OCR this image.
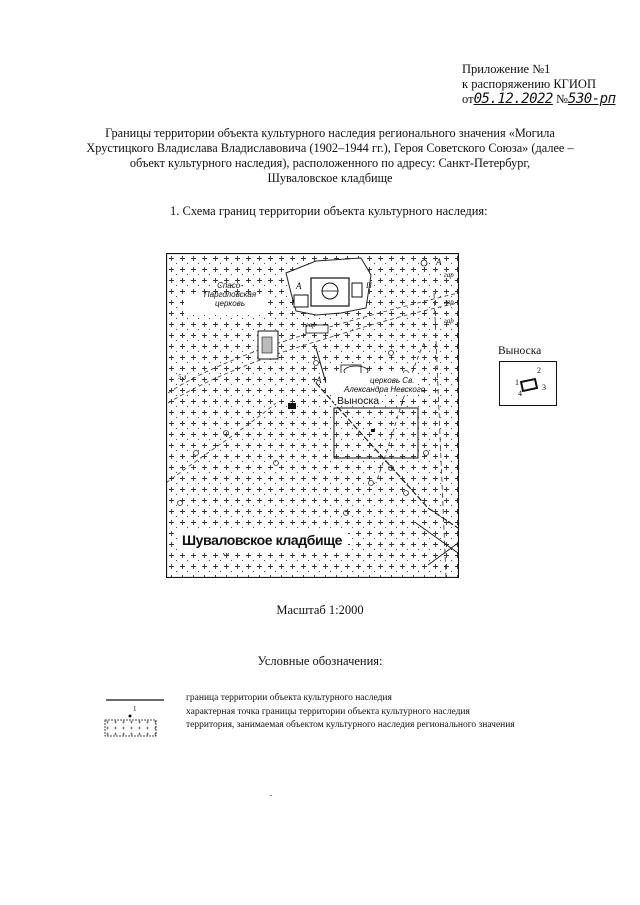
Приложение №1
к распоряжению КГИОП
от05.12.2022 №530-рп
Границы территории объекта культурного наследия регионального значения «Могила
Хрустицкого Владислава Владиславовича (1902–1944 гг.), Героя Советского Союза» (далее –
объект культурного наследия), расположенного по адресу: Санкт-Петербург,
Шуваловское кладбище
1. Схема границ территории объекта культурного наследия:
Спасо-Парголовская
церковь
церковь Св.
Александра Невского
Выноска
Шуваловское кладбище
A
A
A
гар
гар
гар
гар
5.л
П
Выноска
1
2
3
4
Масштаб 1:2000
Условные обозначения:
граница территории объекта культурного наследия
1	характерная точка границы территории объекта культурного наследия
территория, занимаемая объектом культурного наследия регионального значения
